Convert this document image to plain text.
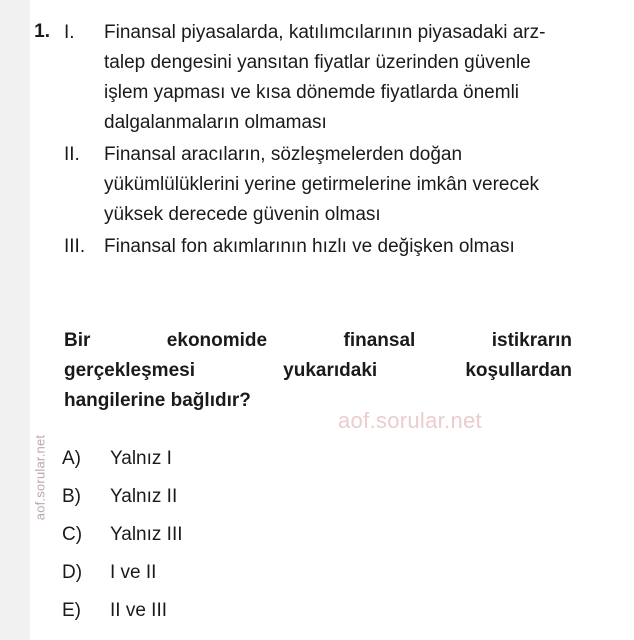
aof.sorular.net
1. I.	Finansal piyasalarda, katılımcılarının piyasadaki arz-talep dengesini yansıtan fiyatlar üzerinden güvenle işlem yapması ve kısa dönemde fiyatlarda önemli dalgalanmaların olmaması
II.	Finansal aracıların, sözleşmelerden doğan yükümlülüklerini yerine getirmelerine imkân verecek yüksek derecede güvenin olması
III. Finansal fon akımlarının hızlı ve değişken olması
Bir ekonomide finansal istikrarın
gerçekleşmesi yukarıdaki koşullardan
hangilerine bağlıdır?
aof.sorular.net
A)	Yalnız I
B)	Yalnız II
C)	Yalnız III
D)	I ve II
E)	II ve III
